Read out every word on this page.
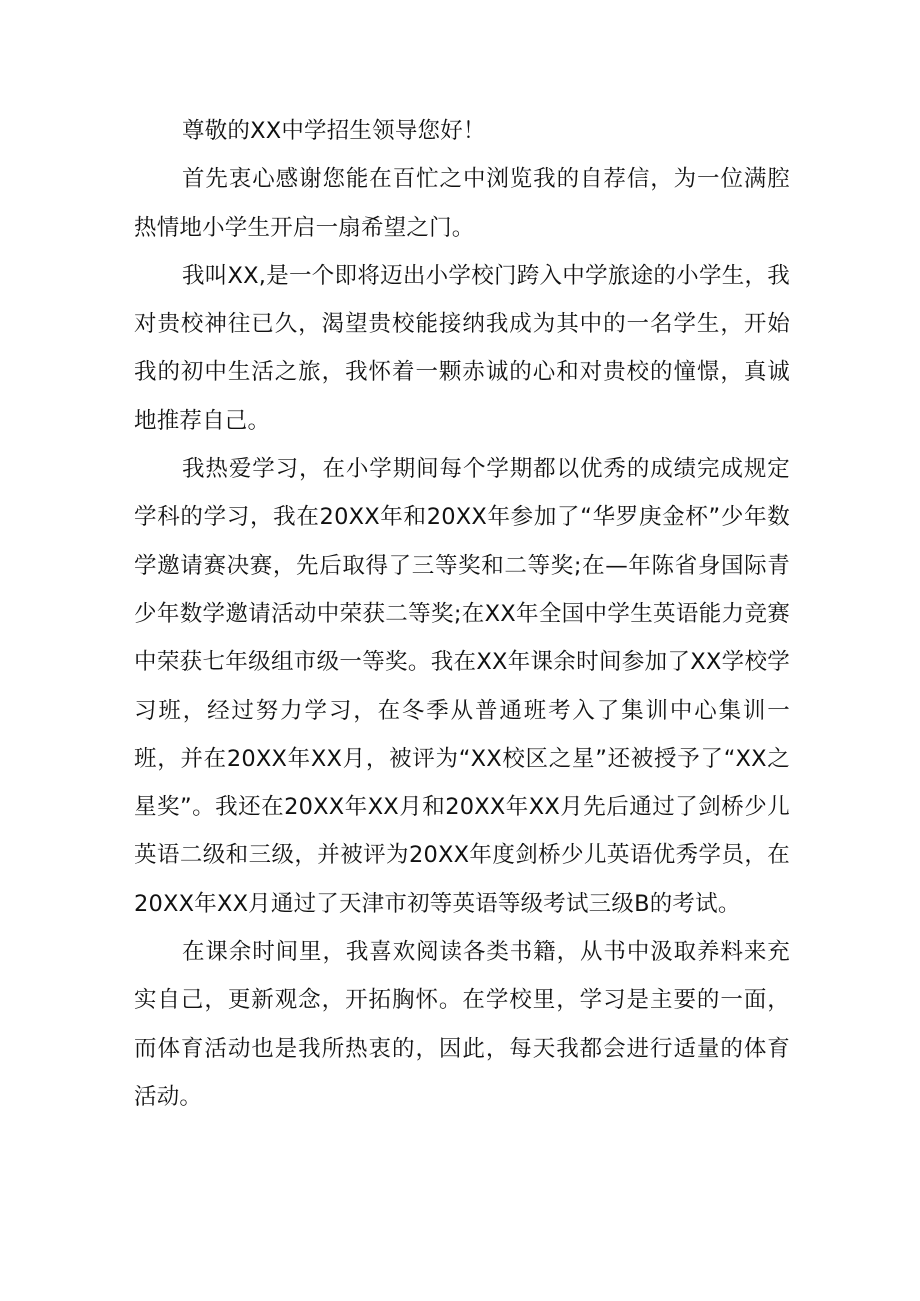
尊敬的XX中学招生领导您好！

首先衷心感谢您能在百忙之中浏览我的自荐信，为一位满腔热情地小学生开启一扇希望之门。

我叫XX,是一个即将迈出小学校门跨入中学旅途的小学生，我对贵校神往已久，渴望贵校能接纳我成为其中的一名学生，开始我的初中生活之旅，我怀着一颗赤诚的心和对贵校的憧憬，真诚地推荐自己。

我热爱学习，在小学期间每个学期都以优秀的成绩完成规定学科的学习，我在20XX年和20XX年参加了“华罗庚金杯”少年数学邀请赛决赛，先后取得了三等奖和二等奖;在—年陈省身国际青少年数学邀请活动中荣获二等奖;在XX年全国中学生英语能力竞赛中荣获七年级组市级一等奖。我在XX年课余时间参加了XX学校学习班，经过努力学习，在冬季从普通班考入了集训中心集训一班，并在20XX年XX月，被评为“XX校区之星”还被授予了“XX之星奖”。我还在20XX年XX月和20XX年XX月先后通过了剑桥少儿英语二级和三级，并被评为20XX年度剑桥少儿英语优秀学员，在20XX年XX月通过了天津市初等英语等级考试三级B的考试。

在课余时间里，我喜欢阅读各类书籍，从书中汲取养料来充实自己，更新观念，开拓胸怀。在学校里，学习是主要的一面，而体育活动也是我所热衷的，因此，每天我都会进行适量的体育活动。
